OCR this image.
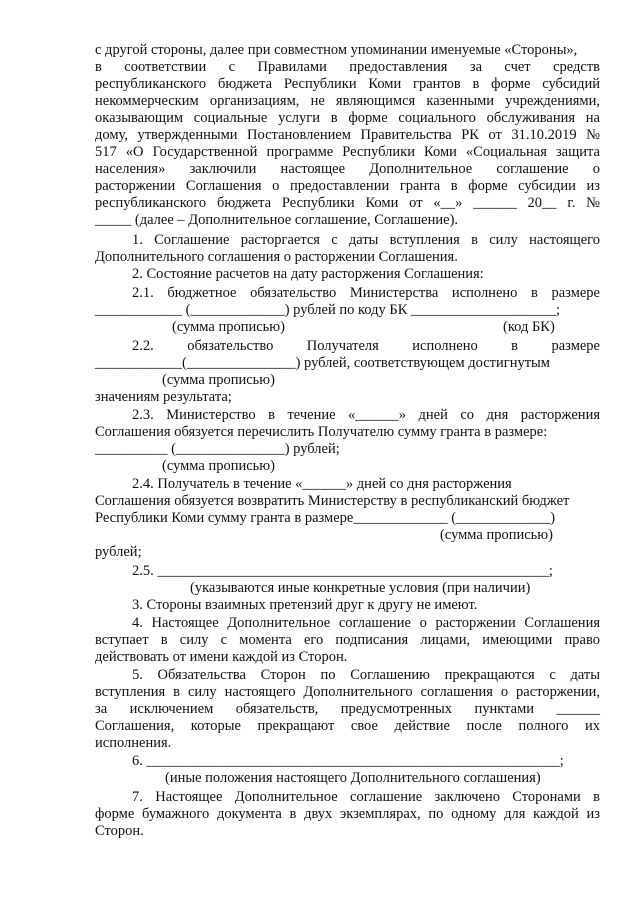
с другой стороны, далее при совместном упоминании именуемые «Стороны»,
в соответствии с Правилами предоставления за счет средств
республиканского бюджета Республики Коми грантов в форме субсидий
некоммерческим организациям, не являющимся казенными учреждениями,
оказывающим социальные услуги в форме социального обслуживания на
дому, утвержденными Постановлением Правительства РК от 31.10.2019 №
517 «О Государственной программе Республики Коми «Социальная защита
населения» заключили настоящее Дополнительное соглашение о
расторжении Соглашения о предоставлении гранта в форме субсидии из
республиканского бюджета Республики Коми от «__» ______ 20__ г. №
_____ (далее – Дополнительное соглашение, Соглашение).
1. Соглашение расторгается с даты вступления в силу настоящего
Дополнительного соглашения о расторжении Соглашения.
2. Состояние расчетов на дату расторжения Соглашения:
2.1. бюджетное обязательство Министерства исполнено в размере
____________ (_____________) рублей по коду БК ____________________;
(сумма прописью)	(код БК)
2.2. обязательство Получателя исполнено в размере
____________(_______________) рублей, соответствующем достигнутым
(сумма прописью)
значениям результата;
2.3. Министерство в течение «______» дней со дня расторжения
Соглашения обязуется перечислить Получателю сумму гранта в размере:
__________ (_______________) рублей;
(сумма прописью)
2.4. Получатель в течение «______» дней со дня расторжения
Соглашения обязуется возвратить Министерству в республиканский бюджет
Республики Коми сумму гранта в размере_____________ (_____________)
(сумма прописью)
рублей;
2.5. ______________________________________________________;
(указываются иные конкретные условия (при наличии)
3. Стороны взаимных претензий друг к другу не имеют.
4. Настоящее Дополнительное соглашение о расторжении Соглашения
вступает в силу с момента его подписания лицами, имеющими право
действовать от имени каждой из Сторон.
5. Обязательства Сторон по Соглашению прекращаются с даты
вступления в силу настоящего Дополнительного соглашения о расторжении,
за исключением обязательств, предусмотренных пунктами ______
Соглашения, которые прекращают свое действие после полного их
исполнения.
6. _________________________________________________________;
(иные положения настоящего Дополнительного соглашения)
7. Настоящее Дополнительное соглашение заключено Сторонами в
форме бумажного документа в двух экземплярах, по одному для каждой из
Сторон.
